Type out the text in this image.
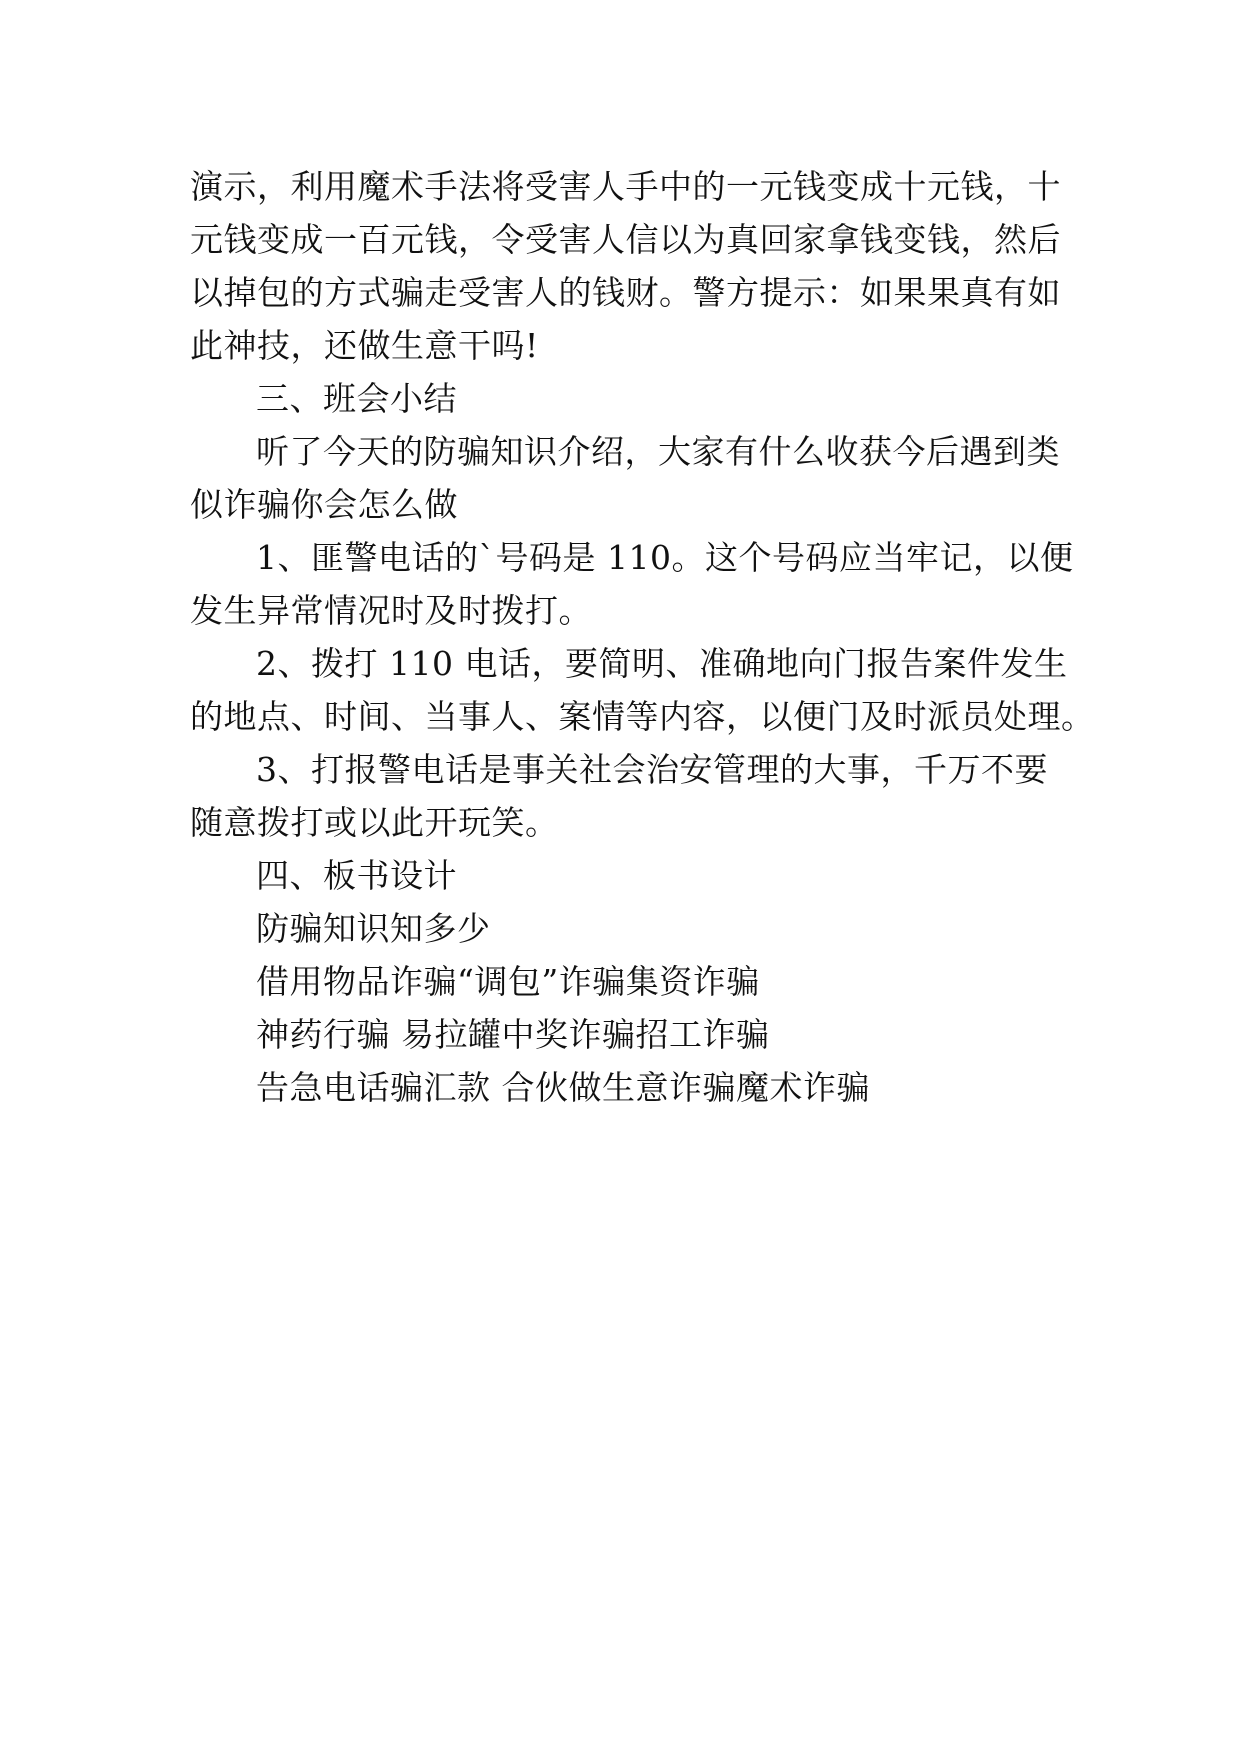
演示，利用魔术手法将受害人手中的一元钱变成十元钱，十
元钱变成一百元钱，令受害人信以为真回家拿钱变钱，然后
以掉包的方式骗走受害人的钱财。警方提示：如果果真有如
此神技，还做生意干吗!
三、班会小结
听了今天的防骗知识介绍，大家有什么收获今后遇到类
似诈骗你会怎么做
1、匪警电话的`号码是 110。这个号码应当牢记，以便
发生异常情况时及时拨打。
2、拨打 110 电话，要简明、准确地向门报告案件发生
的地点、时间、当事人、案情等内容，以便门及时派员处理。
3、打报警电话是事关社会治安管理的大事，千万不要
随意拨打或以此开玩笑。
四、板书设计
防骗知识知多少
借用物品诈骗“调包”诈骗集资诈骗
神药行骗 易拉罐中奖诈骗招工诈骗
告急电话骗汇款 合伙做生意诈骗魔术诈骗
